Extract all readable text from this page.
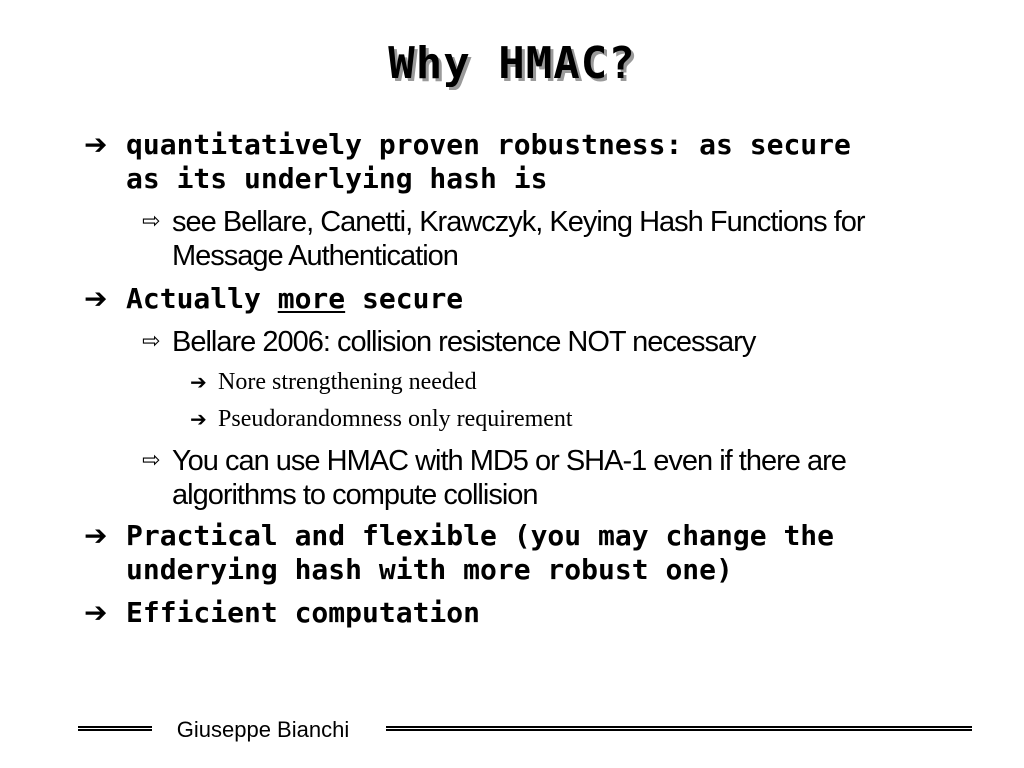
Why HMAC?
➔ quantitatively proven robustness: as secure as its underlying hash is
⇨ see Bellare, Canetti, Krawczyk, Keying Hash Functions for Message Authentication
➔ Actually more secure
⇨ Bellare 2006: collision resistence NOT necessary
➔ Nore strengthening needed
➔ Pseudorandomness only requirement
⇨ You can use HMAC with MD5 or SHA-1 even if there are algorithms to compute collision
➔ Practical and flexible (you may change the underying hash with more robust one)
➔ Efficient computation
Giuseppe Bianchi
